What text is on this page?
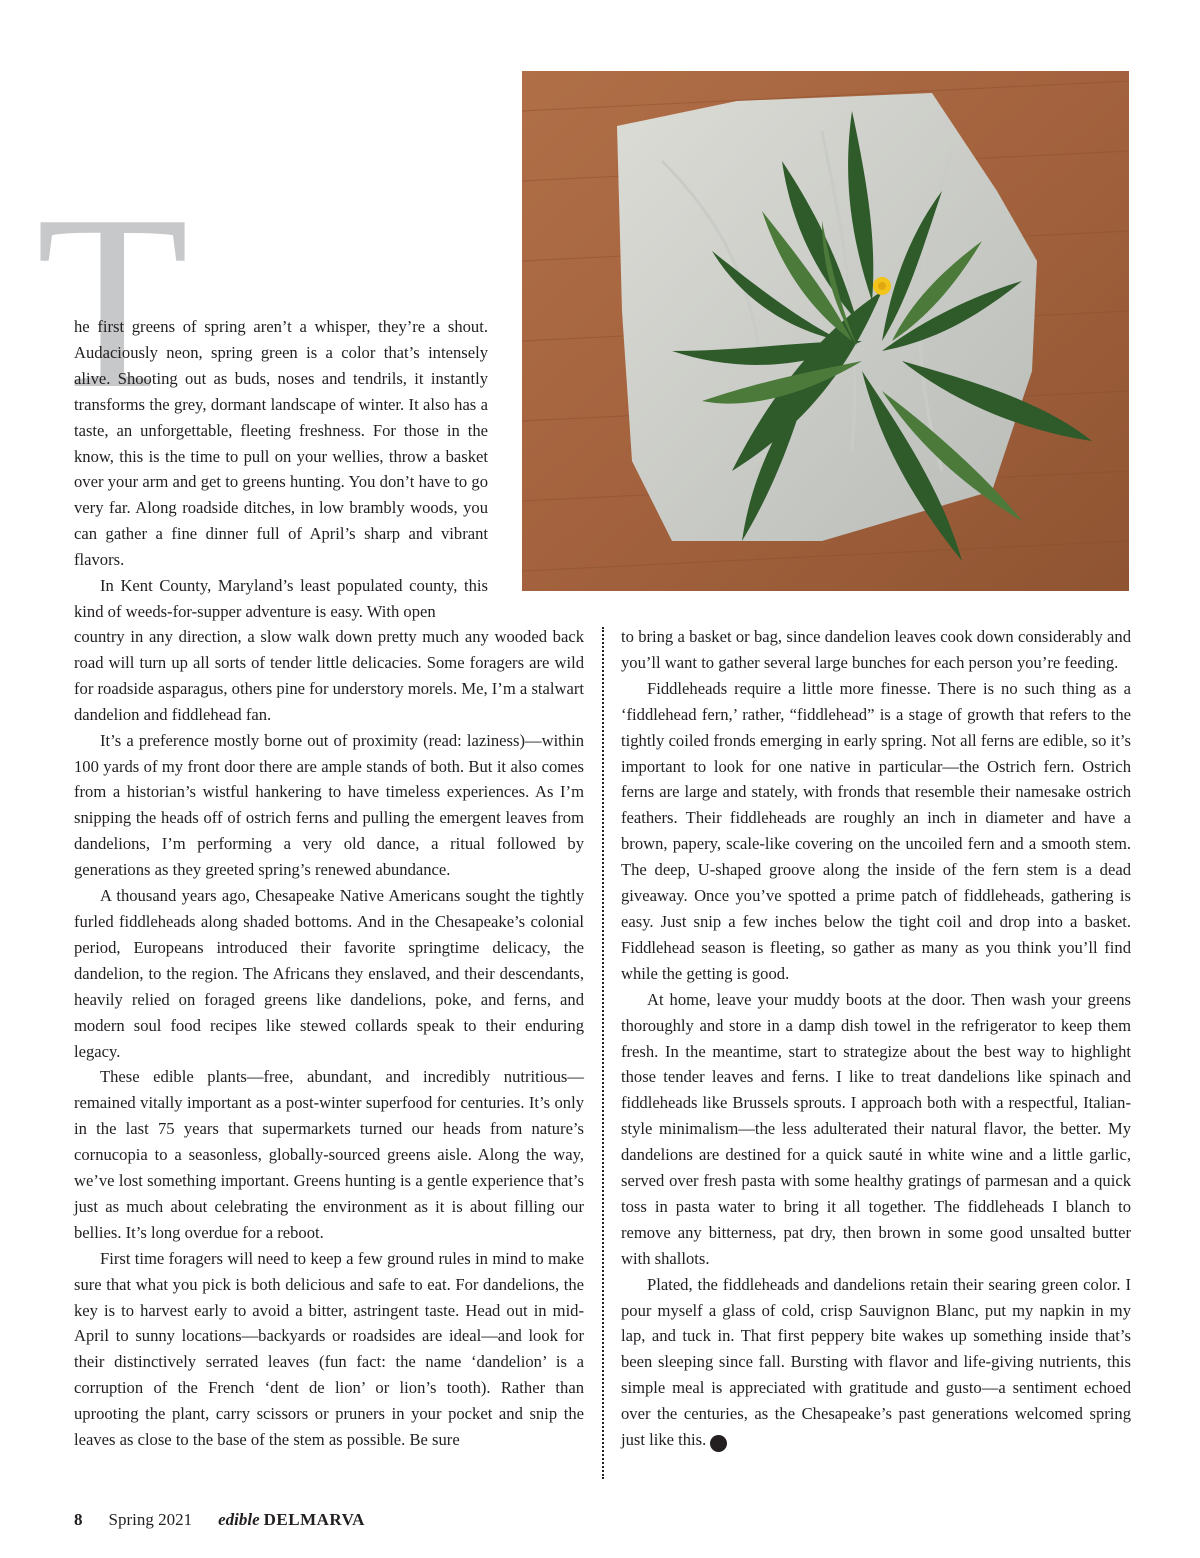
T

he first greens of spring aren’t a whisper, they’re a shout. Audaciously neon, spring green is a color that’s intensely alive. Shooting out as buds, noses and tendrils, it instantly transforms the grey, dormant landscape of winter. It also has a taste, an unforgettable, fleeting freshness. For those in the know, this is the time to pull on your wellies, throw a basket over your arm and get to greens hunting. You don’t have to go very far. Along roadside ditches, in low brambly woods, you can gather a fine dinner full of April’s sharp and vibrant flavors.

In Kent County, Maryland’s least populated county, this kind of weeds-for-supper adventure is easy. With open

country in any direction, a slow walk down pretty much any wooded back road will turn up all sorts of tender little delicacies. Some foragers are wild for roadside asparagus, others pine for understory morels. Me, I’m a stalwart dandelion and fiddlehead fan.

It’s a preference mostly borne out of proximity (read: laziness)—within 100 yards of my front door there are ample stands of both. But it also comes from a historian’s wistful hankering to have timeless experiences. As I’m snipping the heads off of ostrich ferns and pulling the emergent leaves from dandelions, I’m performing a very old dance, a ritual followed by generations as they greeted spring’s renewed abundance.

A thousand years ago, Chesapeake Native Americans sought the tightly furled fiddleheads along shaded bottoms. And in the Chesapeake’s colonial period, Europeans introduced their favorite springtime delicacy, the dandelion, to the region. The Africans they enslaved, and their descendants, heavily relied on foraged greens like dandelions, poke, and ferns, and modern soul food recipes like stewed collards speak to their enduring legacy.

These edible plants—free, abundant, and incredibly nutritious—remained vitally important as a post-winter superfood for centuries. It’s only in the last 75 years that supermarkets turned our heads from nature’s cornucopia to a seasonless, globally-sourced greens aisle. Along the way, we’ve lost something important. Greens hunting is a gentle experience that’s just as much about celebrating the environment as it is about filling our bellies. It’s long overdue for a reboot.

First time foragers will need to keep a few ground rules in mind to make sure that what you pick is both delicious and safe to eat. For dandelions, the key is to harvest early to avoid a bitter, astringent taste. Head out in mid-April to sunny locations—backyards or roadsides are ideal—and look for their distinctively serrated leaves (fun fact: the name ‘dandelion’ is a corruption of the French ‘dent de lion’ or lion’s tooth). Rather than uprooting the plant, carry scissors or pruners in your pocket and snip the leaves as close to the base of the stem as possible. Be sure

to bring a basket or bag, since dandelion leaves cook down considerably and you’ll want to gather several large bunches for each person you’re feeding.

Fiddleheads require a little more finesse. There is no such thing as a ‘fiddlehead fern,’ rather, “fiddlehead” is a stage of growth that refers to the tightly coiled fronds emerging in early spring. Not all ferns are edible, so it’s important to look for one native in particular—the Ostrich fern. Ostrich ferns are large and stately, with fronds that resemble their namesake ostrich feathers. Their fiddleheads are roughly an inch in diameter and have a brown, papery, scale-like covering on the uncoiled fern and a smooth stem. The deep, U-shaped groove along the inside of the fern stem is a dead giveaway. Once you’ve spotted a prime patch of fiddleheads, gathering is easy. Just snip a few inches below the tight coil and drop into a basket. Fiddlehead season is fleeting, so gather as many as you think you’ll find while the getting is good.

At home, leave your muddy boots at the door. Then wash your greens thoroughly and store in a damp dish towel in the refrigerator to keep them fresh. In the meantime, start to strategize about the best way to highlight those tender leaves and ferns. I like to treat dandelions like spinach and fiddleheads like Brussels sprouts. I approach both with a respectful, Italian-style minimalism—the less adulterated their natural flavor, the better. My dandelions are destined for a quick sauté in white wine and a little garlic, served over fresh pasta with some healthy gratings of parmesan and a quick toss in pasta water to bring it all together. The fiddleheads I blanch to remove any bitterness, pat dry, then brown in some good unsalted butter with shallots.

Plated, the fiddleheads and dandelions retain their searing green color. I pour myself a glass of cold, crisp Sauvignon Blanc, put my napkin in my lap, and tuck in. That first peppery bite wakes up something inside that’s been sleeping since fall. Bursting with flavor and life-giving nutrients, this simple meal is appreciated with gratitude and gusto—a sentiment echoed over the centuries, as the Chesapeake’s past generations welcomed spring just like this. e

8 Spring 2021 edible DELMARVA
